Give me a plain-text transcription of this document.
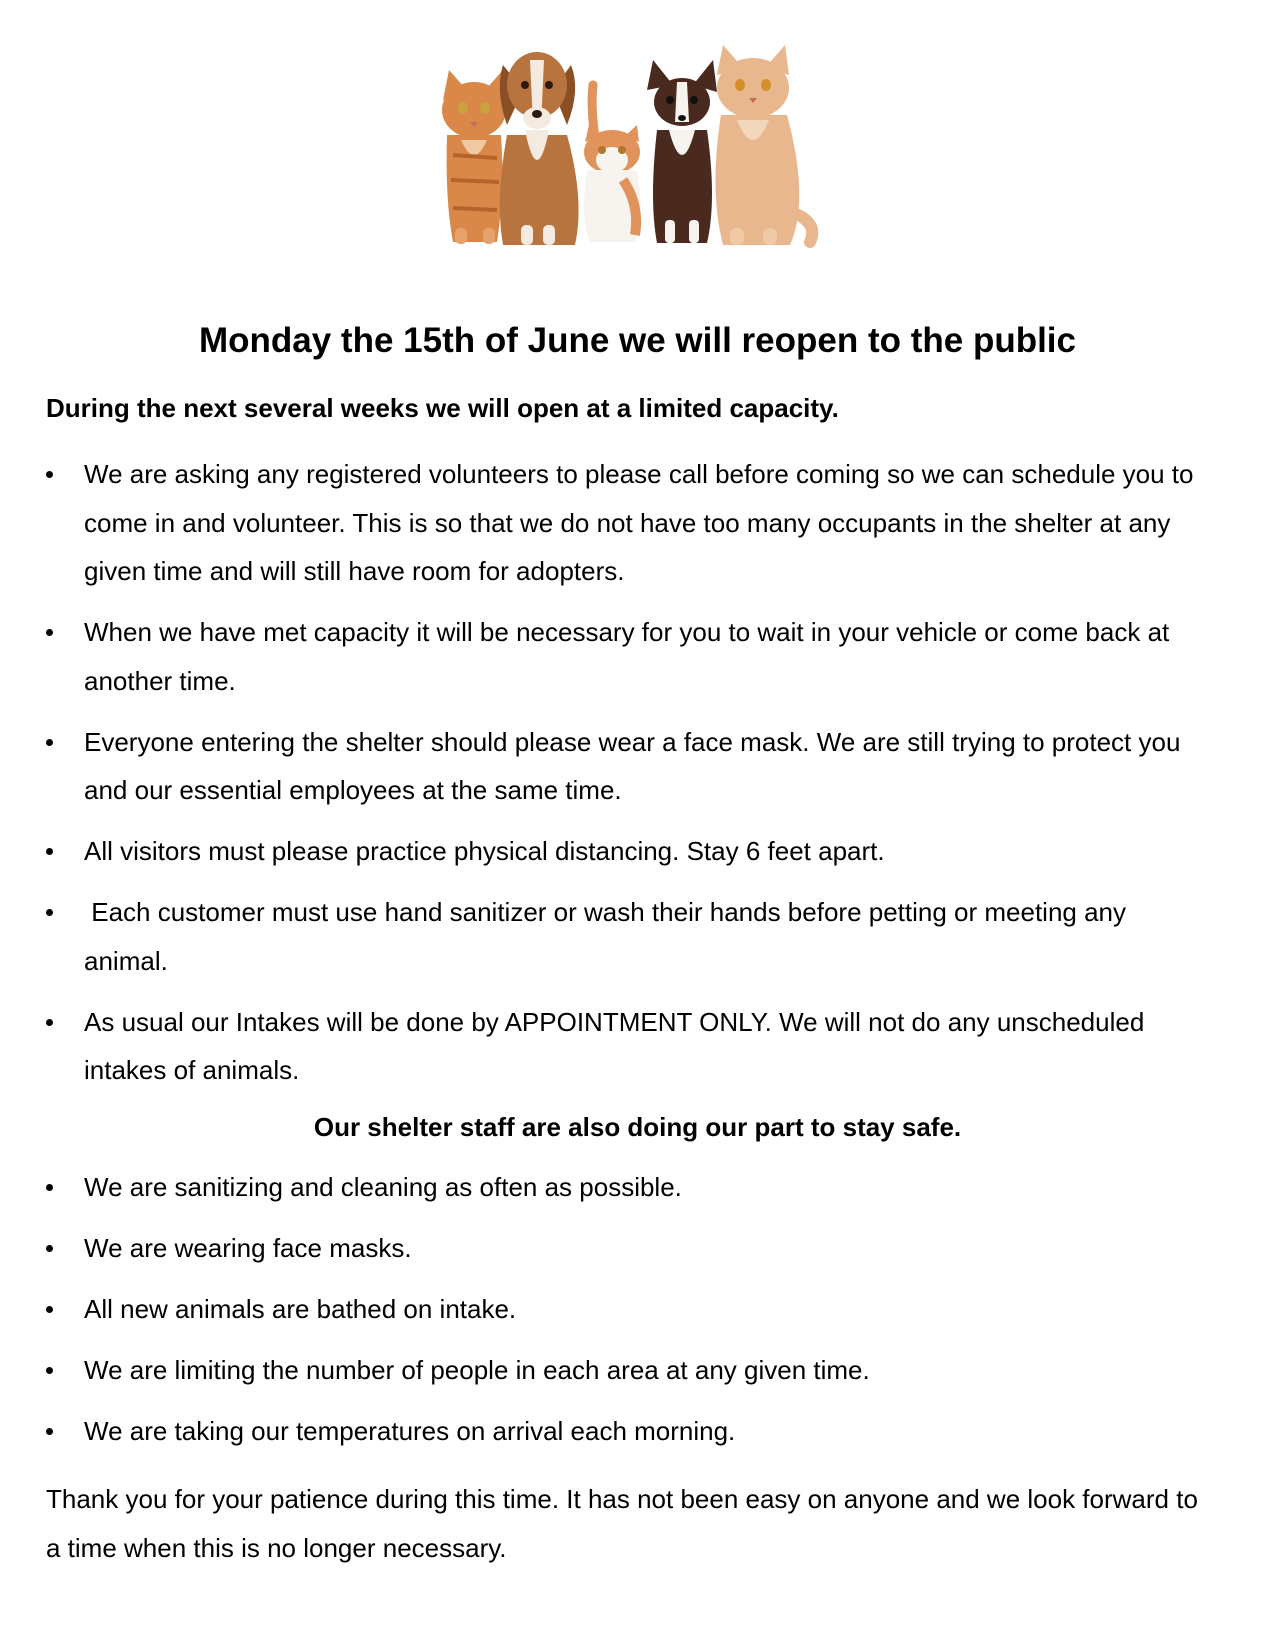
Monday the 15th of June we will reopen to the public

During the next several weeks we will open at a limited capacity.

We are asking any registered volunteers to please call before coming so we can schedule you to come in and volunteer. This is so that we do not have too many occupants in the shelter at any given time and will still have room for adopters.
When we have met capacity it will be necessary for you to wait in your vehicle or come back at another time.
Everyone entering the shelter should please wear a face mask. We are still trying to protect you and our essential employees at the same time.
All visitors must please practice physical distancing. Stay 6 feet apart.
Each customer must use hand sanitizer or wash their hands before petting or meeting any animal.
As usual our Intakes will be done by APPOINTMENT ONLY. We will not do any unscheduled intakes of animals.

Our shelter staff are also doing our part to stay safe.

We are sanitizing and cleaning as often as possible.
We are wearing face masks.
All new animals are bathed on intake.
We are limiting the number of people in each area at any given time.
We are taking our temperatures on arrival each morning.

Thank you for your patience during this time. It has not been easy on anyone and we look forward to a time when this is no longer necessary.
